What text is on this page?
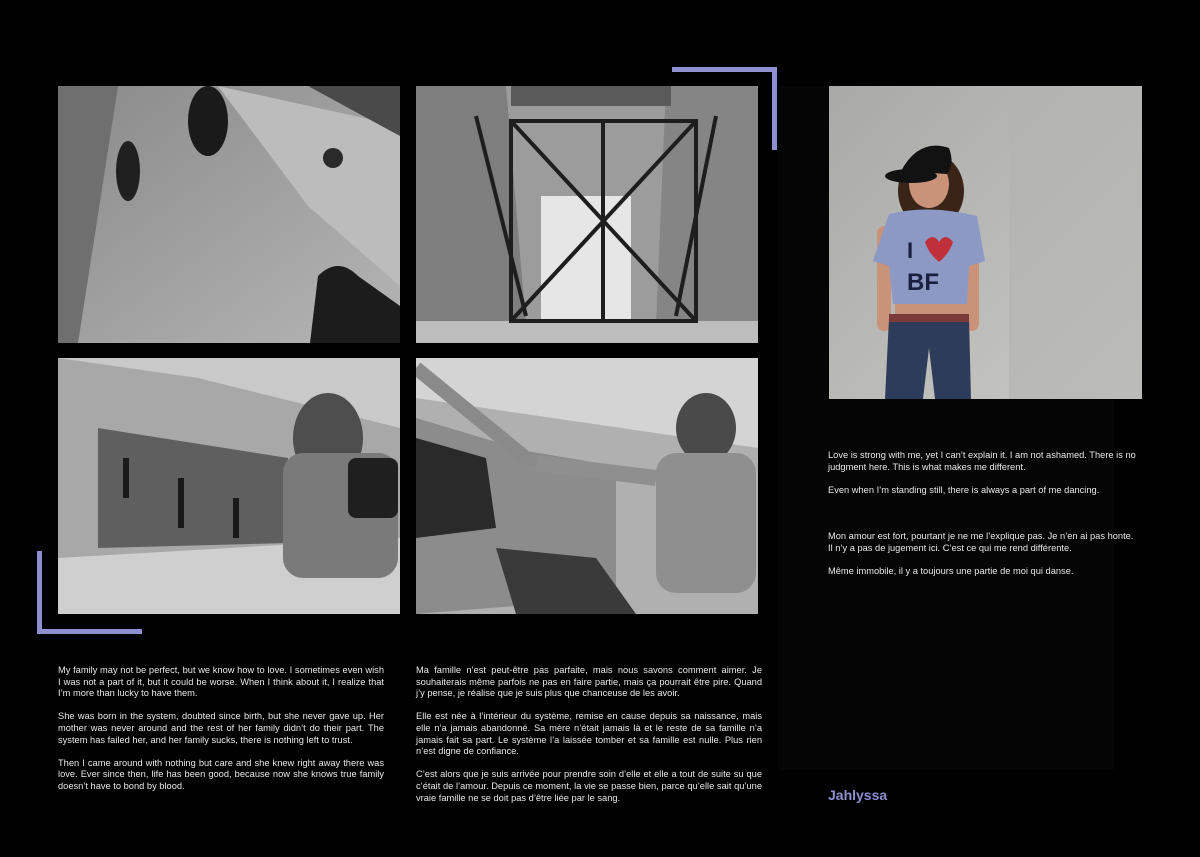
I
BF

Love is strong with me, yet I can’t explain it. I am not ashamed. There is no judgment here. This is what makes me different.

Even when I’m standing still, there is always a part of me dancing.

Mon amour est fort, pourtant je ne me l’explique pas. Je n’en ai pas honte. Il n’y a pas de jugement ici. C’est ce qui me rend différente.

Même immobile, il y a toujours une partie de moi qui danse.

My family may not be perfect, but we know how to love. I sometimes even wish I was not a part of it, but it could be worse. When I think about it, I realize that I’m more than lucky to have them.

She was born in the system, doubted since birth, but she never gave up. Her mother was never around and the rest of her family didn’t do their part. The system has failed her, and her family sucks, there is nothing left to trust.

Then I came around with nothing but care and she knew right away there was love. Ever since then, life has been good, because now she knows true family doesn’t have to bond by blood.

Ma famille n’est peut-être pas parfaite, mais nous savons comment aimer. Je souhaiterais même parfois ne pas en faire partie, mais ça pourrait être pire. Quand j’y pense, je réalise que je suis plus que chanceuse de les avoir.

Elle est née à l’intérieur du système, remise en cause depuis sa naissance, mais elle n’a jamais abandonné. Sa mère n’était jamais là et le reste de sa famille n’a jamais fait sa part. Le système l’a laissée tomber et sa famille est nulle. Plus rien n’est digne de confiance.

C’est alors que je suis arrivée pour prendre soin d’elle et elle a tout de suite su que c’était de l’amour. Depuis ce moment, la vie se passe bien, parce qu’elle sait qu’une vraie famille ne se doit pas d’être liée par le sang.	Jahlyssa
